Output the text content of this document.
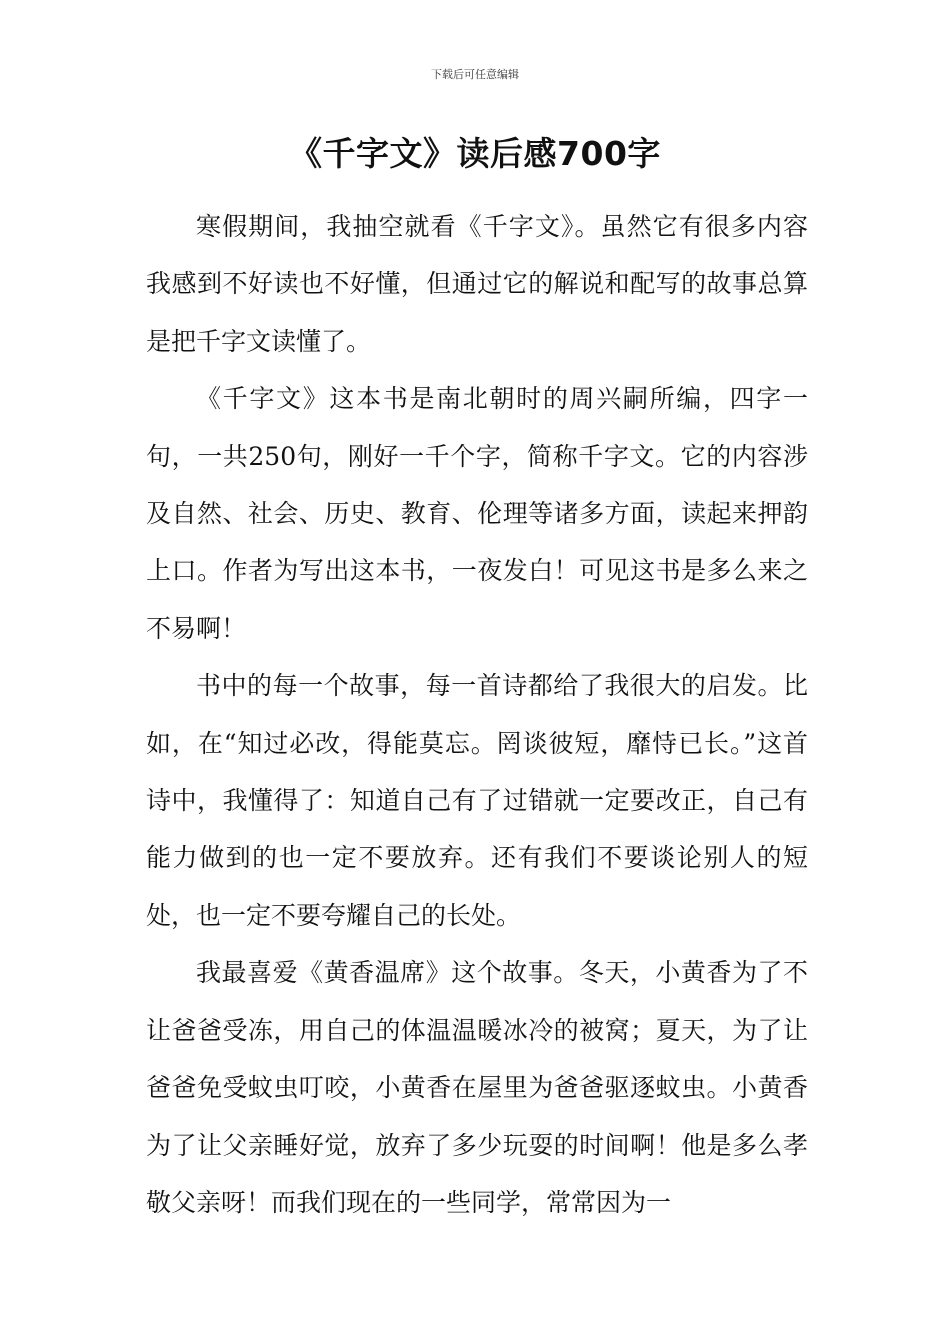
下载后可任意编辑
《千字文》读后感700字

寒假期间，我抽空就看《千字文》。虽然它有很多内容我感到不好读也不好懂，但通过它的解说和配写的故事总算是把千字文读懂了。

《千字文》这本书是南北朝时的周兴嗣所编，四字一句，一共250句，刚好一千个字，简称千字文。它的内容涉及自然、社会、历史、教育、伦理等诸多方面，读起来押韵上口。作者为写出这本书，一夜发白！可见这书是多么来之不易啊！

书中的每一个故事，每一首诗都给了我很大的启发。比如，在“知过必改，得能莫忘。罔谈彼短，靡恃已长。”这首诗中，我懂得了：知道自己有了过错就一定要改正，自己有能力做到的也一定不要放弃。还有我们不要谈论别人的短处，也一定不要夸耀自己的长处。

我最喜爱《黄香温席》这个故事。冬天，小黄香为了不让爸爸受冻，用自己的体温温暖冰冷的被窝；夏天，为了让爸爸免受蚊虫叮咬，小黄香在屋里为爸爸驱逐蚊虫。小黄香为了让父亲睡好觉，放弃了多少玩耍的时间啊！他是多么孝敬父亲呀！而我们现在的一些同学，常常因为一
